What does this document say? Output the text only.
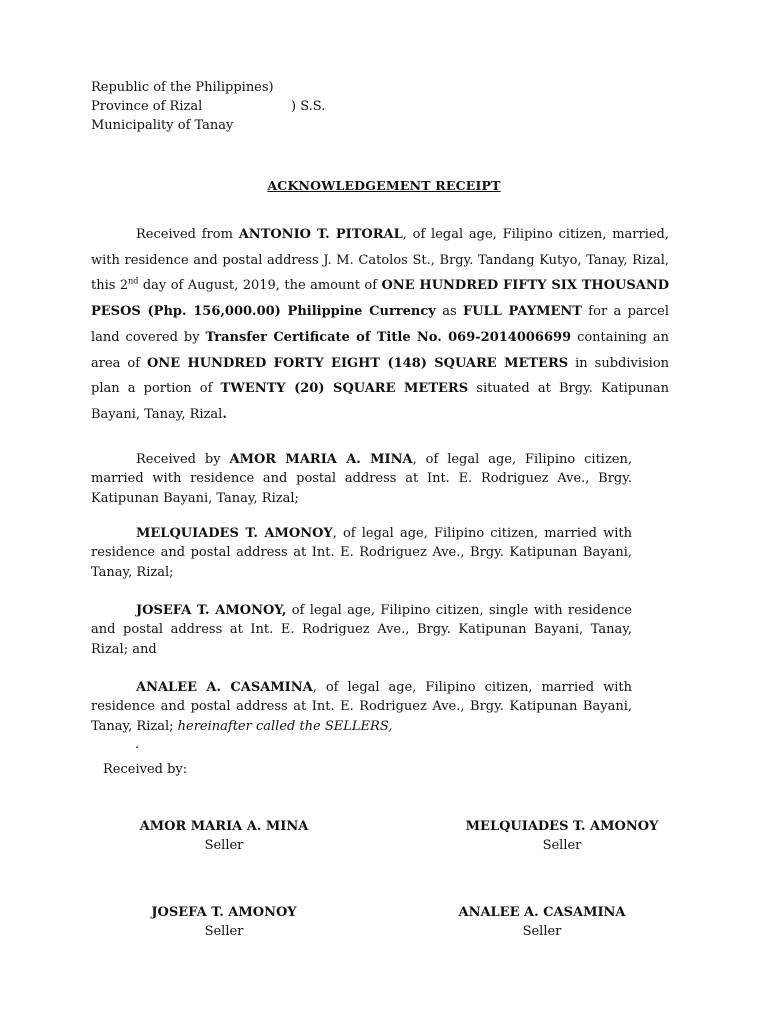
Republic of the Philippines)
Province of Rizal	) S.S.
Municipality of Tanay
ACKNOWLEDGEMENT RECEIPT

Received from ANTONIO T. PITORAL, of legal age, Filipino citizen, married, with residence and postal address J. M. Catolos St., Brgy. Tandang Kutyo, Tanay, Rizal, this 2nd day of August, 2019, the amount of ONE HUNDRED FIFTY SIX THOUSAND PESOS (Php. 156,000.00) Philippine Currency as FULL PAYMENT for a parcel land covered by Transfer Certificate of Title No. 069-2014006699 containing an area of ONE HUNDRED FORTY EIGHT (148) SQUARE METERS in subdivision plan a portion of TWENTY (20) SQUARE METERS situated at Brgy. Katipunan Bayani, Tanay, Rizal.

Received by AMOR MARIA A. MINA, of legal age, Filipino citizen, married with residence and postal address at Int. E. Rodriguez Ave., Brgy. Katipunan Bayani, Tanay, Rizal;

MELQUIADES T. AMONOY, of legal age, Filipino citizen, married with residence and postal address at Int. E. Rodriguez Ave., Brgy. Katipunan Bayani, Tanay, Rizal;

JOSEFA T. AMONOY, of legal age, Filipino citizen, single with residence and postal address at Int. E. Rodriguez Ave., Brgy. Katipunan Bayani, Tanay, Rizal; and

ANALEE A. CASAMINA, of legal age, Filipino citizen, married with residence and postal address at Int. E. Rodriguez Ave., Brgy. Katipunan Bayani, Tanay, Rizal; hereinafter called the SELLERS,

.
Received by:
AMOR MARIA A. MINA
Seller
MELQUIADES T. AMONOY
Seller
JOSEFA T. AMONOY
Seller
ANALEE A. CASAMINA
Seller
